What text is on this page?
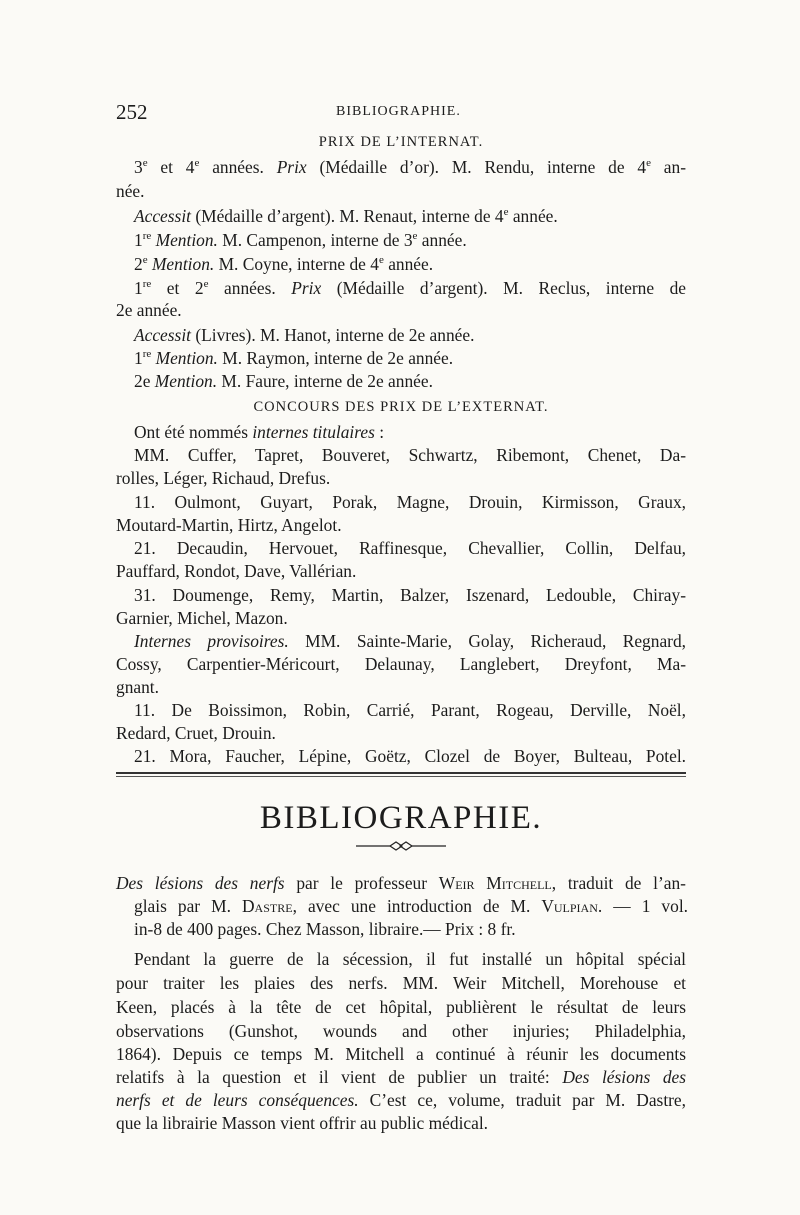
252	BIBLIOGRAPHIE.
PRIX DE L’INTERNAT.
3e et 4e années. Prix (Médaille d’or). M. Rendu, interne de 4e an-
née.
Accessit (Médaille d’argent). M. Renaut, interne de 4e année.
1re Mention. M. Campenon, interne de 3e année.
2e Mention. M. Coyne, interne de 4e année.
1re et 2e années. Prix (Médaille d’argent). M. Reclus, interne de
2e année.
Accessit (Livres). M. Hanot, interne de 2e année.
1re Mention. M. Raymon, interne de 2e année.
2e Mention. M. Faure, interne de 2e année.
CONCOURS DES PRIX DE L’EXTERNAT.
Ont été nommés internes titulaires :
MM. Cuffer, Tapret, Bouveret, Schwartz, Ribemont, Chenet, Da-
rolles, Léger, Richaud, Drefus.
11. Oulmont, Guyart, Porak, Magne, Drouin, Kirmisson, Graux,
Moutard-Martin, Hirtz, Angelot.
21. Decaudin, Hervouet, Raffinesque, Chevallier, Collin, Delfau,
Pauffard, Rondot, Dave, Vallérian.
31. Doumenge, Remy, Martin, Balzer, Iszenard, Ledouble, Chiray-
Garnier, Michel, Mazon.
Internes provisoires. MM. Sainte-Marie, Golay, Richeraud, Regnard,
Cossy, Carpentier-Méricourt, Delaunay, Langlebert, Dreyfont, Ma-
gnant.
11. De Boissimon, Robin, Carrié, Parant, Rogeau, Derville, Noël,
Redard, Cruet, Drouin.
21. Mora, Faucher, Lépine, Goëtz, Clozel de Boyer, Bulteau, Potel.
BIBLIOGRAPHIE.
Des lésions des nerfs par le professeur Weir Mitchell, traduit de l’an-
glais par M. Dastre, avec une introduction de M. Vulpian. — 1 vol.
in-8 de 400 pages. Chez Masson, libraire.— Prix : 8 fr.
Pendant la guerre de la sécession, il fut installé un hôpital spécial
pour traiter les plaies des nerfs. MM. Weir Mitchell, Morehouse et
Keen, placés à la tête de cet hôpital, publièrent le résultat de leurs
observations (Gunshot, wounds and other injuries; Philadelphia,
1864). Depuis ce temps M. Mitchell a continué à réunir les documents
relatifs à la question et il vient de publier un traité: Des lésions des
nerfs et de leurs conséquences. C’est ce, volume, traduit par M. Dastre,
que la librairie Masson vient offrir au public médical.
